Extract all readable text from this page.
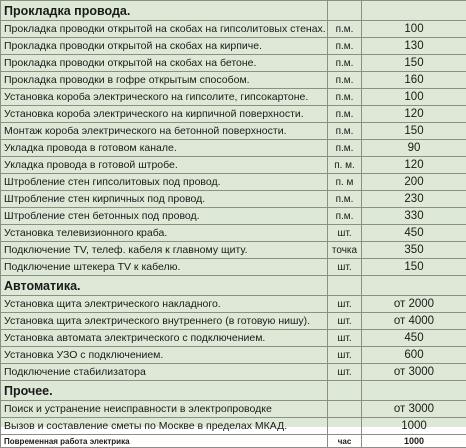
Прокладка провода.		
Прокладка проводки открытой на скобах на гипсолитовых стенах.	п.м.	100
Прокладка проводки открытой на скобах на кирпиче.	п.м.	130
Прокладка проводки открытой на скобах на бетоне.	п.м.	150
Прокладка проводки в гофре открытым способом.	п.м.	160
Установка короба электрического на гипсолите, гипсокартоне.	п.м.	100
Установка короба электрического на кирпичной поверхности.	п.м.	120
Монтаж короба электрического на бетонной поверхности.	п.м.	150
Укладка провода в готовом канале.	п.м.	90
Укладка провода в готовой штробе.	п. м.	120
Штробление стен гипсолитовых под провод.	п. м	200
Штробление стен кирпичных под провод.	п.м.	230
Штробление стен бетонных под провод.	п.м.	330
Установка телевизионного краба.	шт.	450
Подключение TV, телеф. кабеля к главному щиту.	точка	350
Подключение штекера TV к кабелю.	шт.	150
Автоматика.		
Установка щита электрического накладного.	шт.	от 2000
Установка щита электрического внутреннего (в готовую нишу).	шт.	от 4000
Установка автомата электрического с подключением.	шт.	450
Установка УЗО с подключением.	шт.	600
Подключение стабилизатора	шт.	от 3000
Прочее.		
Поиск и устранение неисправности в электропроводке		от 3000
Вызов и составление сметы по Москве в пределах МКАД.		1000
Повременная работа электрика	час	1000
